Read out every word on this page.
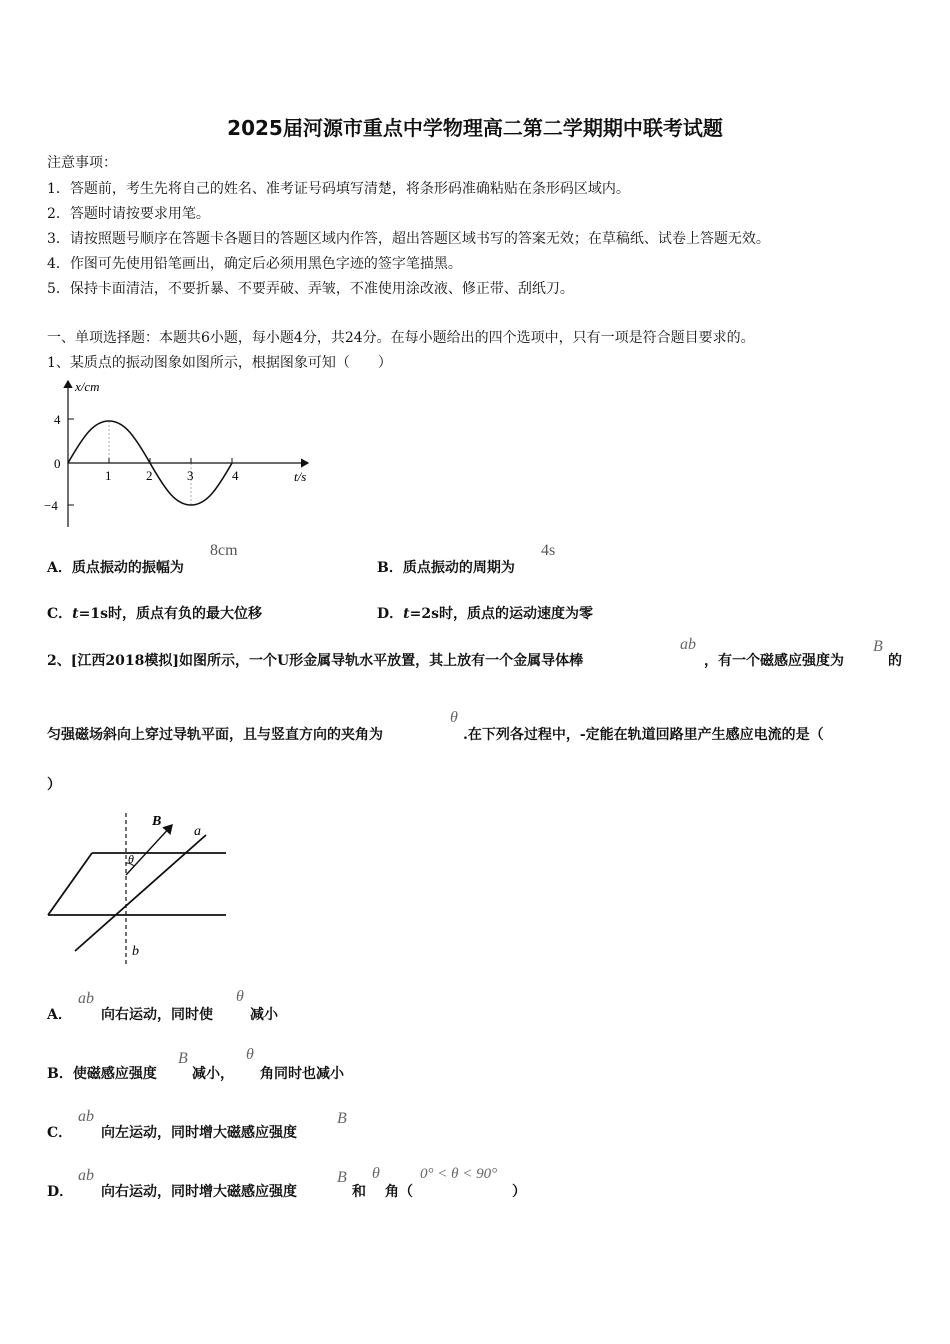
2025届河源市重点中学物理高二第二学期期中联考试题
注意事项：
1．答题前，考生先将自己的姓名、准考证号码填写清楚，将条形码准确粘贴在条形码区域内。
2．答题时请按要求用笔。
3．请按照题号顺序在答题卡各题目的答题区域内作答，超出答题区域书写的答案无效；在草稿纸、试卷上答题无效。
4．作图可先使用铅笔画出，确定后必须用黑色字迹的签字笔描黑。
5．保持卡面清洁，不要折暴、不要弄破、弄皱，不准使用涂改液、修正带、刮纸刀。
一、单项选择题：本题共6小题，每小题4分，共24分。在每小题给出的四个选项中，只有一项是符合题目要求的。
1、某质点的振动图象如图所示，根据图象可知（　　）
x/cm
t/s
0
4
−4
1	2	3	4
A．质点振动的振幅为
8cm
B．质点振动的周期为
4s
C．t=1s时，质点有负的最大位移	D．t=2s时，质点的运动速度为零
2、[江西2018模拟]如图所示，一个U形金属导轨水平放置，其上放有一个金属导体棒
ab
，有一个磁感应强度为
B
的
匀强磁场斜向上穿过导轨平面，且与竖直方向的夹角为
θ
.在下列各过程中，-定能在轨道回路里产生感应电流的是（
）
B
a
b
θ
A．
ab
向右运动，同时使
θ
减小
B．使磁感应强度
B
减小，
θ
角同时也减小
C．
ab
向左运动，同时增大磁感应强度
B
D．
ab
向右运动，同时增大磁感应强度
B
和
θ
角（
0° < θ < 90°
）
